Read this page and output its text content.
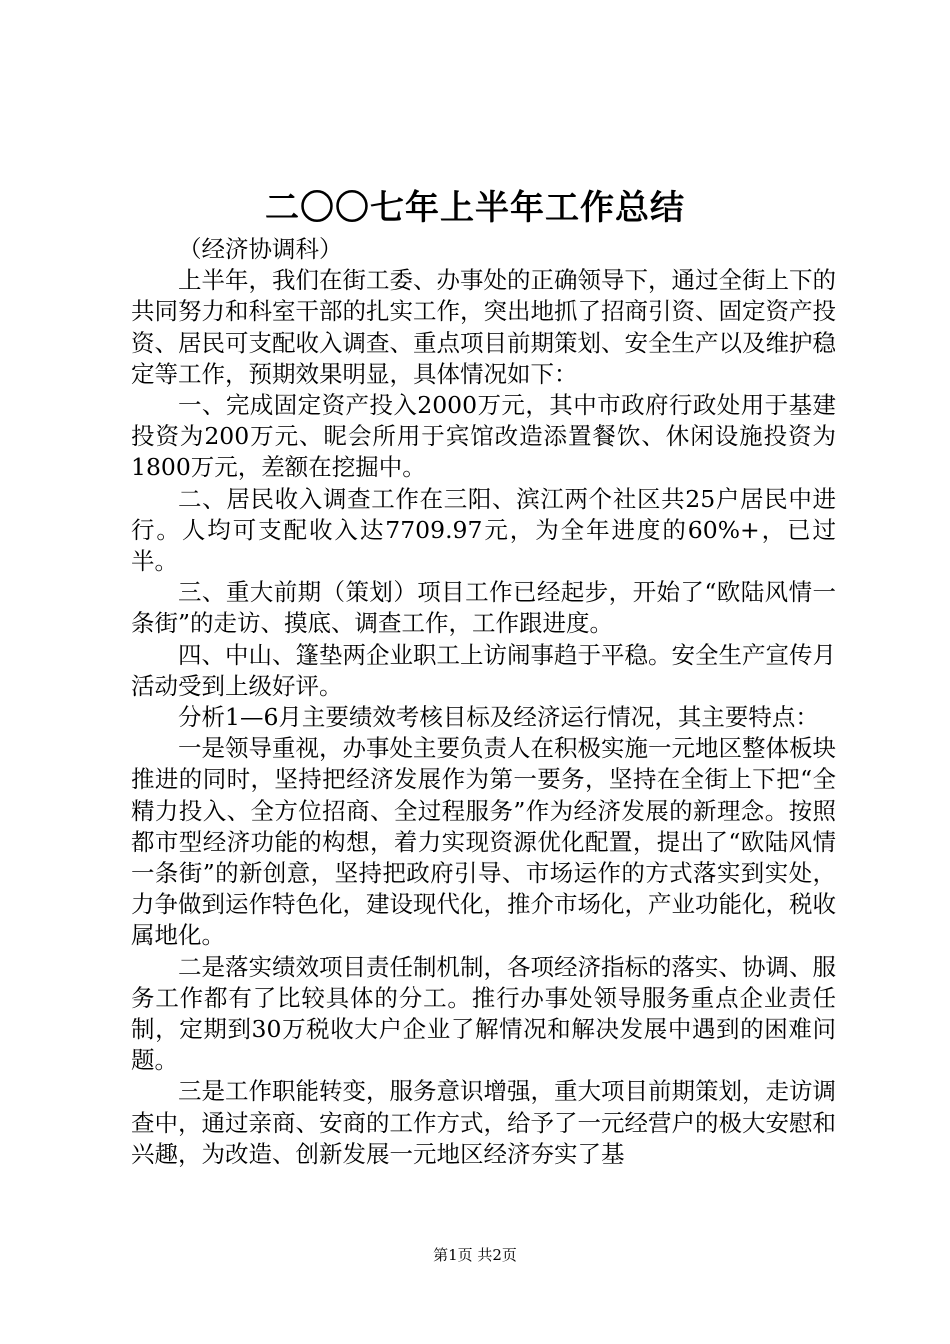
二〇〇七年上半年工作总结

（经济协调科）

上半年，我们在街工委、办事处的正确领导下，通过全街上下的共同努力和科室干部的扎实工作，突出地抓了招商引资、固定资产投资、居民可支配收入调查、重点项目前期策划、安全生产以及维护稳定等工作，预期效果明显，具体情况如下：

一、完成固定资产投入2000万元，其中市政府行政处用于基建投资为200万元、昵会所用于宾馆改造添置餐饮、休闲设施投资为1800万元，差额在挖掘中。

二、居民收入调查工作在三阳、滨江两个社区共25户居民中进行。人均可支配收入达7709.97元，为全年进度的60%+，已过半。

三、重大前期（策划）项目工作已经起步，开始了“欧陆风情一条街”的走访、摸底、调查工作，工作跟进度。

四、中山、篷垫两企业职工上访闹事趋于平稳。安全生产宣传月活动受到上级好评。

分析1—6月主要绩效考核目标及经济运行情况，其主要特点：

一是领导重视，办事处主要负责人在积极实施一元地区整体板块推进的同时，坚持把经济发展作为第一要务，坚持在全街上下把“全精力投入、全方位招商、全过程服务”作为经济发展的新理念。按照都市型经济功能的构想，着力实现资源优化配置，提出了“欧陆风情一条街”的新创意，坚持把政府引导、市场运作的方式落实到实处，力争做到运作特色化，建设现代化，推介市场化，产业功能化，税收属地化。

二是落实绩效项目责任制机制，各项经济指标的落实、协调、服务工作都有了比较具体的分工。推行办事处领导服务重点企业责任制，定期到30万税收大户企业了解情况和解决发展中遇到的困难问题。

三是工作职能转变，服务意识增强，重大项目前期策划，走访调查中，通过亲商、安商的工作方式，给予了一元经营户的极大安慰和兴趣，为改造、创新发展一元地区经济夯实了基

第1页 共2页
